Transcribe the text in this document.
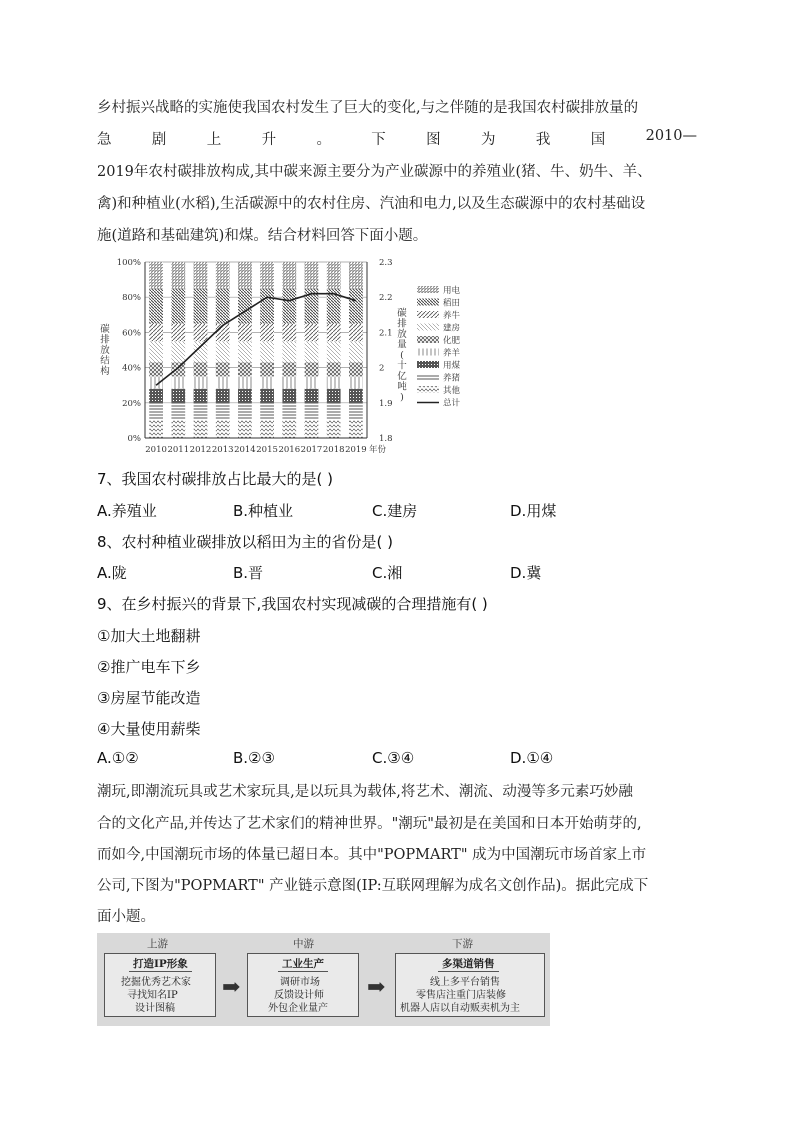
乡村振兴战略的实施使我国农村发生了巨大的变化,与之伴随的是我国农村碳排放量的
急	剧	上	升	。	下	图	为	我	国	2010—
2019年农村碳排放构成,其中碳来源主要分为产业碳源中的养殖业(猪、牛、奶牛、羊、
禽)和种植业(水稻),生活碳源中的农村住房、汽油和电力,以及生态碳源中的农村基础设
施(道路和基础建筑)和煤。结合材料回答下面小题。
0%
20%
40%
60%
80%
100%
1.8
1.9
2
2.1
2.2
2.3
2010 2011 2012 2013 2014 2015 2016 2017 2018 2019 年份
碳排放结构
碳排放量(十亿吨)
用电
稻田
养牛
建房
化肥
养羊
用煤
养猪
其他
总计
7、我国农村碳排放占比最大的是( )
A.养殖业	B.种植业	C.建房	D.用煤
8、农村种植业碳排放以稻田为主的省份是( )
A.陇	B.晋	C.湘	D.冀
9、在乡村振兴的背景下,我国农村实现减碳的合理措施有( )
①加大土地翻耕
②推广电车下乡
③房屋节能改造
④大量使用薪柴
A.①②	B.②③	C.③④	D.①④
潮玩,即潮流玩具或艺术家玩具,是以玩具为载体,将艺术、潮流、动漫等多元素巧妙融
合的文化产品,并传达了艺术家们的精神世界。"潮玩"最初是在美国和日本开始萌芽的,
而如今,中国潮玩市场的体量已超日本。其中"POPMART" 成为中国潮玩市场首家上市
公司,下图为"POPMART" 产业链示意图(IP:互联网理解为成名文创作品)。据此完成下
面小题。
上游
打造IP形象
挖掘优秀艺术家
寻找知名IP
设计图稿
➡
中游
工业生产
调研市场
反馈设计师
外包企业量产
➡
下游
多渠道销售
线上多平台销售
零售店注重门店装修
机器人店以自动贩卖机为主
